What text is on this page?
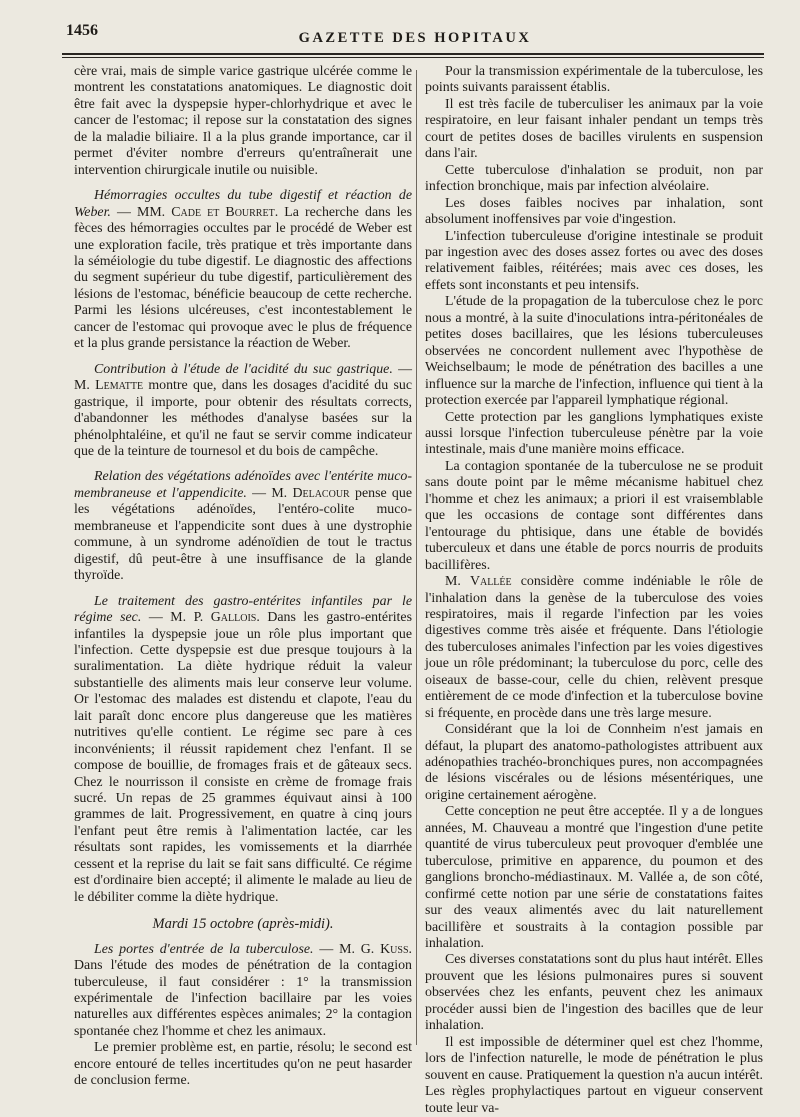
1456	GAZETTE DES HOPITAUX

cère vrai, mais de simple varice gastrique ulcérée comme le montrent les constatations anatomiques. Le diagnostic doit être fait avec la dyspepsie hyper-chlorhydrique et avec le cancer de l'estomac; il repose sur la constatation des signes de la maladie biliaire. Il a la plus grande importance, car il permet d'éviter nombre d'erreurs qu'entraînerait une intervention chirurgicale inutile ou nuisible.

Hémorragies occultes du tube digestif et réaction de Weber. — MM. Cade et Bourret. La recherche dans les fèces des hémorragies occultes par le procédé de Weber est une exploration facile, très pratique et très importante dans la séméiologie du tube digestif. Le diagnostic des affections du segment supérieur du tube digestif, particulièrement des lésions de l'estomac, bénéficie beaucoup de cette recherche. Parmi les lésions ulcéreuses, c'est incontestablement le cancer de l'estomac qui provoque avec le plus de fréquence et la plus grande persistance la réaction de Weber.

Contribution à l'étude de l'acidité du suc gastrique. — M. Lematte montre que, dans les dosages d'acidité du suc gastrique, il importe, pour obtenir des résultats corrects, d'abandonner les méthodes d'analyse basées sur la phénolphtaléine, et qu'il ne faut se servir comme indicateur que de la teinture de tournesol et du bois de campêche.

Relation des végétations adénoïdes avec l'entérite muco-membraneuse et l'appendicite. — M. Delacour pense que les végétations adénoïdes, l'entéro-colite muco-membraneuse et l'appendicite sont dues à une dystrophie commune, à un syndrome adénoïdien de tout le tractus digestif, dû peut-être à une insuffisance de la glande thyroïde.

Le traitement des gastro-entérites infantiles par le régime sec. — M. P. Gallois. Dans les gastro-entérites infantiles la dyspepsie joue un rôle plus important que l'infection. Cette dyspepsie est due presque toujours à la suralimentation. La diète hydrique réduit la valeur substantielle des aliments mais leur conserve leur volume. Or l'estomac des malades est distendu et clapote, l'eau du lait paraît donc encore plus dangereuse que les matières nutritives qu'elle contient. Le régime sec pare à ces inconvénients; il réussit rapidement chez l'enfant. Il se compose de bouillie, de fromages frais et de gâteaux secs. Chez le nourrisson il consiste en crème de fromage frais sucré. Un repas de 25 grammes équivaut ainsi à 100 grammes de lait. Progressivement, en quatre à cinq jours l'enfant peut être remis à l'alimentation lactée, car les résultats sont rapides, les vomissements et la diarrhée cessent et la reprise du lait se fait sans difficulté. Ce régime est d'ordinaire bien accepté; il alimente le malade au lieu de le débiliter comme la diète hydrique.

Mardi 15 octobre (après-midi).

Les portes d'entrée de la tuberculose. — M. G. Kuss. Dans l'étude des modes de pénétration de la contagion tuberculeuse, il faut considérer : 1° la transmission expérimentale de l'infection bacillaire par les voies naturelles aux différentes espèces animales; 2° la contagion spontanée chez l'homme et chez les animaux.

Le premier problème est, en partie, résolu; le second est encore entouré de telles incertitudes qu'on ne peut hasarder de conclusion ferme.

Pour la transmission expérimentale de la tuberculose, les points suivants paraissent établis.

Il est très facile de tuberculiser les animaux par la voie respiratoire, en leur faisant inhaler pendant un temps très court de petites doses de bacilles virulents en suspension dans l'air.

Cette tuberculose d'inhalation se produit, non par infection bronchique, mais par infection alvéolaire.

Les doses faibles nocives par inhalation, sont absolument inoffensives par voie d'ingestion.

L'infection tuberculeuse d'origine intestinale se produit par ingestion avec des doses assez fortes ou avec des doses relativement faibles, réitérées; mais avec ces doses, les effets sont inconstants et peu intensifs.

L'étude de la propagation de la tuberculose chez le porc nous a montré, à la suite d'inoculations intra-péritonéales de petites doses bacillaires, que les lésions tuberculeuses observées ne concordent nullement avec l'hypothèse de Weichselbaum; le mode de pénétration des bacilles a une influence sur la marche de l'infection, influence qui tient à la protection exercée par l'appareil lymphatique régional.

Cette protection par les ganglions lymphatiques existe aussi lorsque l'infection tuberculeuse pénètre par la voie intestinale, mais d'une manière moins efficace.

La contagion spontanée de la tuberculose ne se produit sans doute point par le même mécanisme habituel chez l'homme et chez les animaux; a priori il est vraisemblable que les occasions de contage sont différentes dans l'entourage du phtisique, dans une étable de bovidés tuberculeux et dans une étable de porcs nourris de produits bacillifères.

M. Vallée considère comme indéniable le rôle de l'inhalation dans la genèse de la tuberculose des voies respiratoires, mais il regarde l'infection par les voies digestives comme très aisée et fréquente. Dans l'étiologie des tuberculoses animales l'infection par les voies digestives joue un rôle prédominant; la tuberculose du porc, celle des oiseaux de basse-cour, celle du chien, relèvent presque entièrement de ce mode d'infection et la tuberculose bovine si fréquente, en procède dans une très large mesure.

Considérant que la loi de Connheim n'est jamais en défaut, la plupart des anatomo-pathologistes attribuent aux adénopathies trachéo-bronchiques pures, non accompagnées de lésions viscérales ou de lésions mésentériques, une origine certainement aérogène.

Cette conception ne peut être acceptée. Il y a de longues années, M. Chauveau a montré que l'ingestion d'une petite quantité de virus tuberculeux peut provoquer d'emblée une tuberculose, primitive en apparence, du poumon et des ganglions broncho-médiastinaux. M. Vallée a, de son côté, confirmé cette notion par une série de constatations faites sur des veaux alimentés avec du lait naturellement bacillifère et soustraits à la contagion possible par inhalation.

Ces diverses constatations sont du plus haut intérêt. Elles prouvent que les lésions pulmonaires pures si souvent observées chez les enfants, peuvent chez les animaux procéder aussi bien de l'ingestion des bacilles que de leur inhalation.

Il est impossible de déterminer quel est chez l'homme, lors de l'infection naturelle, le mode de pénétration le plus souvent en cause. Pratiquement la question n'a aucun intérêt. Les règles prophylactiques partout en vigueur conservent toute leur va-
